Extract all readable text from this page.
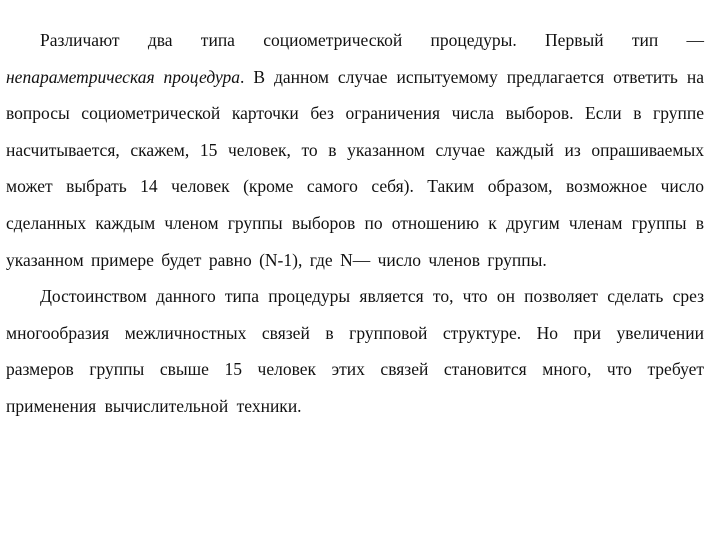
Различают два типа социометрической процедуры. Первый тип — непараметрическая процедура. В данном случае испытуемому предлагается ответить на вопросы социометрической карточки без ограничения числа выборов. Если в группе насчитывается, скажем, 15 человек, то в указанном случае каждый из опрашиваемых может выбрать 14 человек (кроме самого себя). Таким образом, возможное число сделанных каждым членом группы выборов по отношению к другим членам группы в указанном примере будет равно (N-1), где N— число членов группы.

Достоинством данного типа процедуры является то, что он позволяет сделать срез многообразия межличностных связей в групповой структуре. Но при увеличении размеров группы свыше 15 человек этих связей становится много, что требует применения вычислительной техники.
